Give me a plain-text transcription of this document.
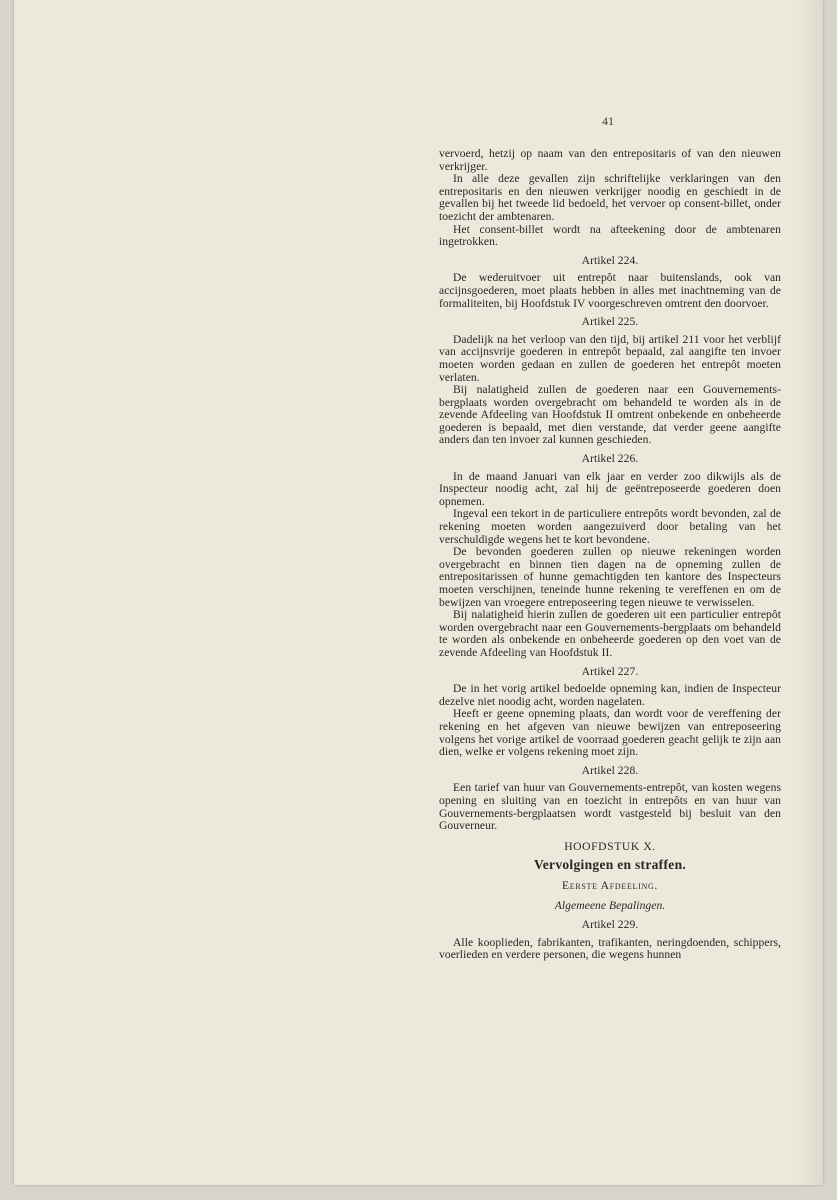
41

vervoerd, hetzij op naam van den entrepositaris of van den nieuwen verkrijger.

In alle deze gevallen zijn schriftelijke verklaringen van den entrepositaris en den nieuwen verkrijger noodig en geschiedt in de gevallen bij het tweede lid bedoeld, het vervoer op consent-billet, onder toezicht der ambtenaren.

Het consent-billet wordt na afteekening door de ambtenaren ingetrokken.

Artikel 224.

De wederuitvoer uit entrepôt naar buitenslands, ook van accijnsgoederen, moet plaats hebben in alles met inachtneming van de formaliteiten, bij Hoofdstuk IV voorgeschreven omtrent den doorvoer.

Artikel 225.

Dadelijk na het verloop van den tijd, bij artikel 211 voor het verblijf van accijnsvrije goederen in entrepôt bepaald, zal aangifte ten invoer moeten worden gedaan en zullen de goederen het entrepôt moeten verlaten.

Bij nalatigheid zullen de goederen naar een Gouvernements-bergplaats worden overgebracht om behandeld te worden als in de zevende Afdeeling van Hoofdstuk II omtrent onbekende en onbeheerde goederen is bepaald, met dien verstande, dat verder geene aangifte anders dan ten invoer zal kunnen geschieden.

Artikel 226.

In de maand Januari van elk jaar en verder zoo dikwijls als de Inspecteur noodig acht, zal hij de geëntreposeerde goederen doen opnemen.

Ingeval een tekort in de particuliere entrepôts wordt bevonden, zal de rekening moeten worden aangezuiverd door betaling van het verschuldigde wegens het te kort bevondene.

De bevonden goederen zullen op nieuwe rekeningen worden overgebracht en binnen tien dagen na de opneming zullen de entrepositarissen of hunne gemachtigden ten kantore des Inspecteurs moeten verschijnen, teneinde hunne rekening te vereffenen en om de bewijzen van vroegere entreposeering tegen nieuwe te verwisselen.

Bij nalatigheid hierin zullen de goederen uit een particulier entrepôt worden overgebracht naar een Gouvernements-bergplaats om behandeld te worden als onbekende en onbeheerde goederen op den voet van de zevende Afdeeling van Hoofdstuk II.

Artikel 227.

De in het vorig artikel bedoelde opneming kan, indien de Inspecteur dezelve niet noodig acht, worden nagelaten.

Heeft er geene opneming plaats, dan wordt voor de vereffening der rekening en het afgeven van nieuwe bewijzen van entreposeering volgens het vorige artikel de voorraad goederen geacht gelijk te zijn aan dien, welke er volgens rekening moet zijn.

Artikel 228.

Een tarief van huur van Gouvernements-entrepôt, van kosten wegens opening en sluiting van en toezicht in entrepôts en van huur van Gouvernements-bergplaatsen wordt vastgesteld bij besluit van den Gouverneur.

HOOFDSTUK X.

Vervolgingen en straffen.

Eerste Afdeeling.

Algemeene Bepalingen.

Artikel 229.

Alle kooplieden, fabrikanten, trafikanten, neringdoenden, schippers, voerlieden en verdere personen, die wegens hunnen
